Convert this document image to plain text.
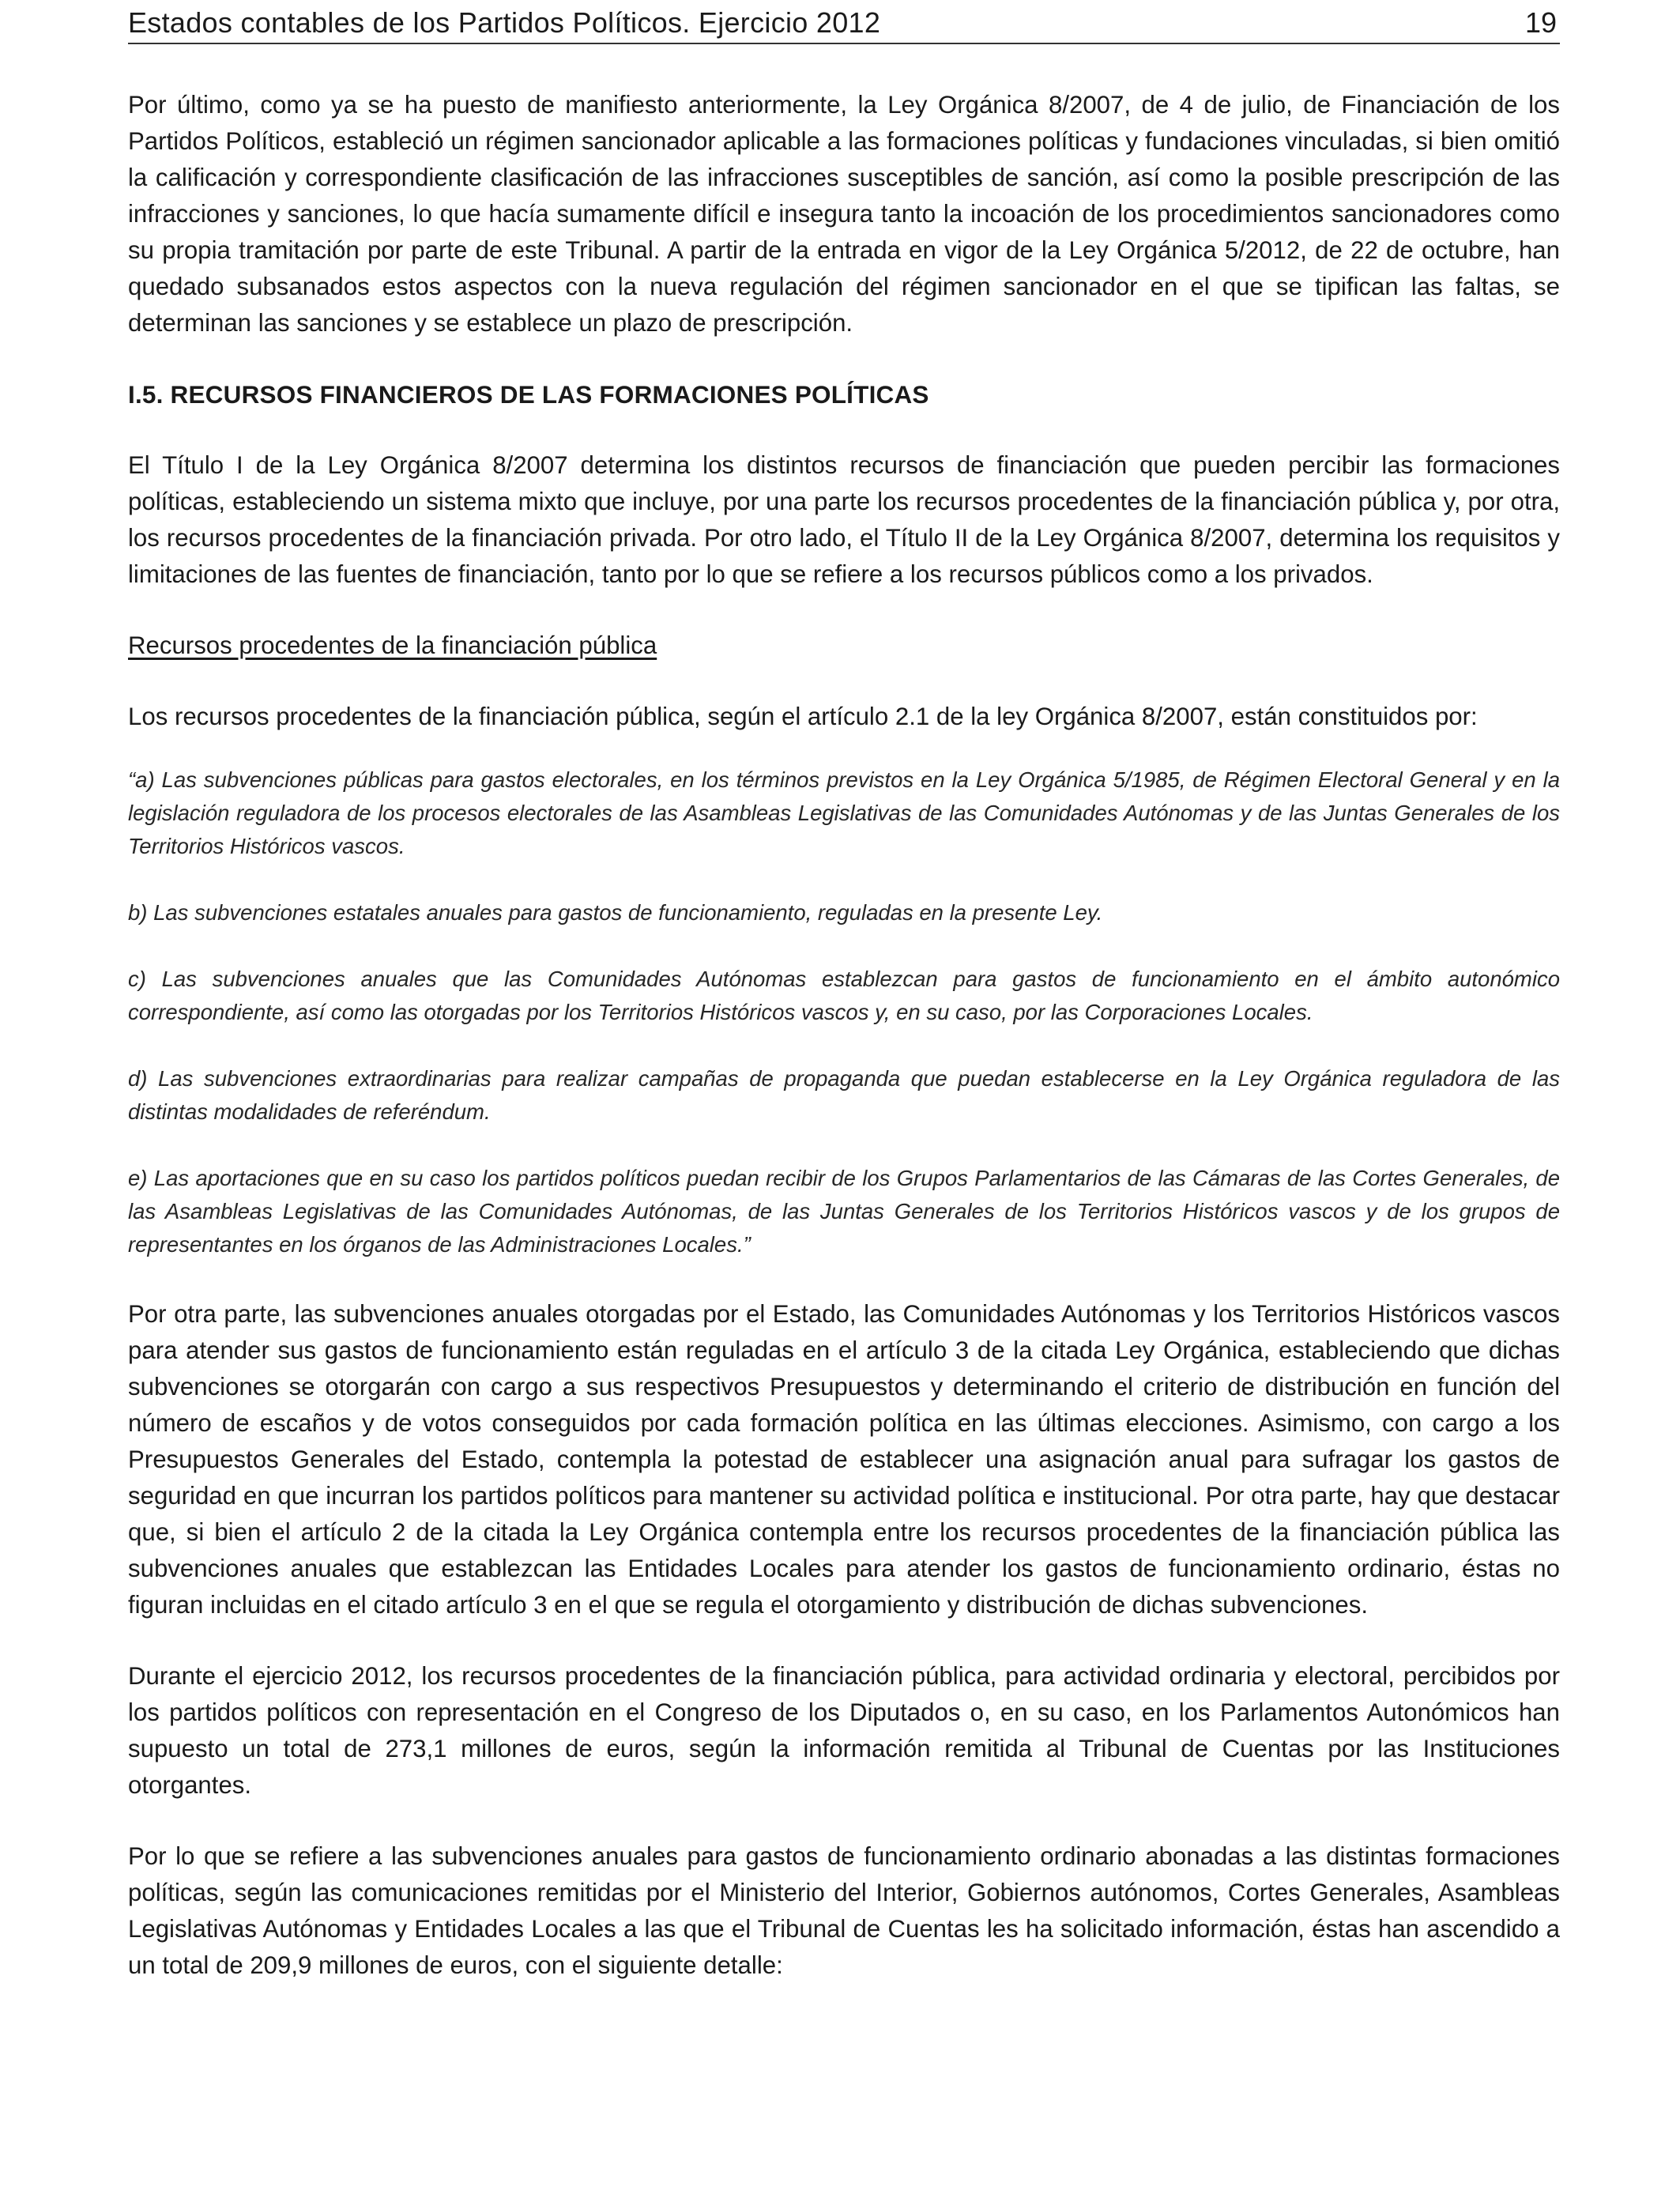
Estados contables de los Partidos Políticos. Ejercicio 2012	19

Por último, como ya se ha puesto de manifiesto anteriormente, la Ley Orgánica 8/2007, de 4 de julio, de Financiación de los Partidos Políticos, estableció un régimen sancionador aplicable a las formaciones políticas y fundaciones vinculadas, si bien omitió la calificación y correspondiente clasificación de las infracciones susceptibles de sanción, así como la posible prescripción de las infracciones y sanciones, lo que hacía sumamente difícil e insegura tanto la incoación de los procedimientos sancionadores como su propia tramitación por parte de este Tribunal. A partir de la entrada en vigor de la Ley Orgánica 5/2012, de 22 de octubre, han quedado subsanados estos aspectos con la nueva regulación del régimen sancionador en el que se tipifican las faltas, se determinan las sanciones y se establece un plazo de prescripción.

I.5. RECURSOS FINANCIEROS DE LAS FORMACIONES POLÍTICAS

El Título I de la Ley Orgánica 8/2007 determina los distintos recursos de financiación que pueden percibir las formaciones políticas, estableciendo un sistema mixto que incluye, por una parte los recursos procedentes de la financiación pública y, por otra, los recursos procedentes de la financiación privada. Por otro lado, el Título II de la Ley Orgánica 8/2007, determina los requisitos y limitaciones de las fuentes de financiación, tanto por lo que se refiere a los recursos públicos como a los privados.

Recursos procedentes de la financiación pública

Los recursos procedentes de la financiación pública, según el artículo 2.1 de la ley Orgánica 8/2007, están constituidos por:

“a) Las subvenciones públicas para gastos electorales, en los términos previstos en la Ley Orgánica 5/1985, de Régimen Electoral General y en la legislación reguladora de los procesos electorales de las Asambleas Legislativas de las Comunidades Autónomas y de las Juntas Generales de los Territorios Históricos vascos.

b) Las subvenciones estatales anuales para gastos de funcionamiento, reguladas en la presente Ley.

c) Las subvenciones anuales que las Comunidades Autónomas establezcan para gastos de funcionamiento en el ámbito autonómico correspondiente, así como las otorgadas por los Territorios Históricos vascos y, en su caso, por las Corporaciones Locales.

d) Las subvenciones extraordinarias para realizar campañas de propaganda que puedan establecerse en la Ley Orgánica reguladora de las distintas modalidades de referéndum.

e) Las aportaciones que en su caso los partidos políticos puedan recibir de los Grupos Parlamentarios de las Cámaras de las Cortes Generales, de las Asambleas Legislativas de las Comunidades Autónomas, de las Juntas Generales de los Territorios Históricos vascos y de los grupos de representantes en los órganos de las Administraciones Locales.”

Por otra parte, las subvenciones anuales otorgadas por el Estado, las Comunidades Autónomas y los Territorios Históricos vascos para atender sus gastos de funcionamiento están reguladas en el artículo 3 de la citada Ley Orgánica, estableciendo que dichas subvenciones se otorgarán con cargo a sus respectivos Presupuestos y determinando el criterio de distribución en función del número de escaños y de votos conseguidos por cada formación política en las últimas elecciones. Asimismo, con cargo a los Presupuestos Generales del Estado, contempla la potestad de establecer una asignación anual para sufragar los gastos de seguridad en que incurran los partidos políticos para mantener su actividad política e institucional. Por otra parte, hay que destacar que, si bien el artículo 2 de la citada la Ley Orgánica contempla entre los recursos procedentes de la financiación pública las subvenciones anuales que establezcan las Entidades Locales para atender los gastos de funcionamiento ordinario, éstas no figuran incluidas en el citado artículo 3 en el que se regula el otorgamiento y distribución de dichas subvenciones.

Durante el ejercicio 2012, los recursos procedentes de la financiación pública, para actividad ordinaria y electoral, percibidos por los partidos políticos con representación en el Congreso de los Diputados o, en su caso, en los Parlamentos Autonómicos han supuesto un total de 273,1 millones de euros, según la información remitida al Tribunal de Cuentas por las Instituciones otorgantes.

Por lo que se refiere a las subvenciones anuales para gastos de funcionamiento ordinario abonadas a las distintas formaciones políticas, según las comunicaciones remitidas por el Ministerio del Interior, Gobiernos autónomos, Cortes Generales, Asambleas Legislativas Autónomas y Entidades Locales a las que el Tribunal de Cuentas les ha solicitado información, éstas han ascendido a un total de 209,9 millones de euros, con el siguiente detalle:
